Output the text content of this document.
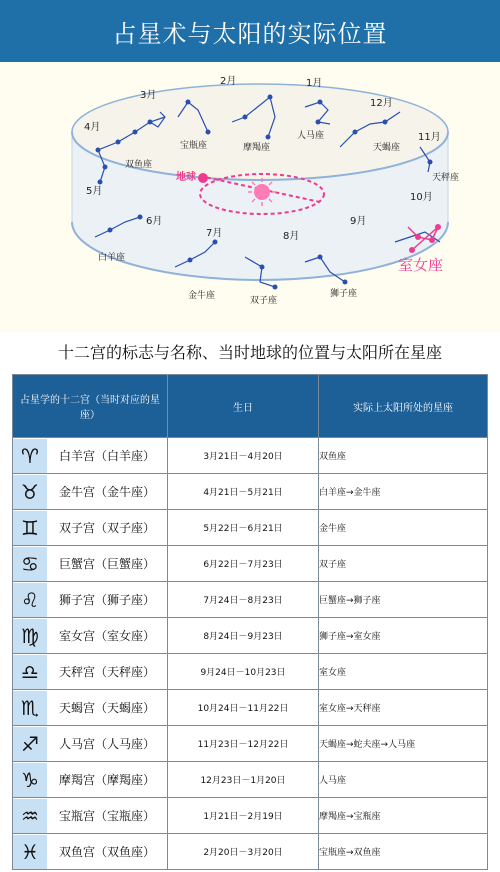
占星术与太阳的实际位置
2月	1月
3月
12月
4月
11月
5月
10月
6月	9月
7月	8月
宝瓶座	摩羯座
人马座
双鱼座
天蝎座
天秤座
白羊座
金牛座	双子座
狮子座
室女座
地球
十二宫的标志与名称、当时地球的位置与太阳所在星座
占星学的十二宫（当时对应的星座）	生日	实际上太阳所处的星座

♈ 白羊宫（白羊座）	3月21日－4月20日	双鱼座

♉ 金牛宫（金牛座）	4月21日－5月21日	白羊座→金牛座

♊ 双子宫（双子座）	5月22日－6月21日	金牛座

♋ 巨蟹宫（巨蟹座）	6月22日－7月23日	双子座

♌ 狮子宫（狮子座）	7月24日－8月23日	巨蟹座→狮子座

♍ 室女宫（室女座）	8月24日－9月23日	狮子座→室女座

♎ 天秤宫（天秤座）	9月24日－10月23日	室女座

♏ 天蝎宫（天蝎座）	10月24日－11月22日	室女座→天秤座

♐ 人马宫（人马座）	11月23日－12月22日	天蝎座→蛇夫座→人马座

♑ 摩羯宫（摩羯座）	12月23日－1月20日	人马座

♒ 宝瓶宫（宝瓶座）	1月21日－2月19日	摩羯座→宝瓶座

♓ 双鱼宫（双鱼座）	2月20日－3月20日	宝瓶座→双鱼座
